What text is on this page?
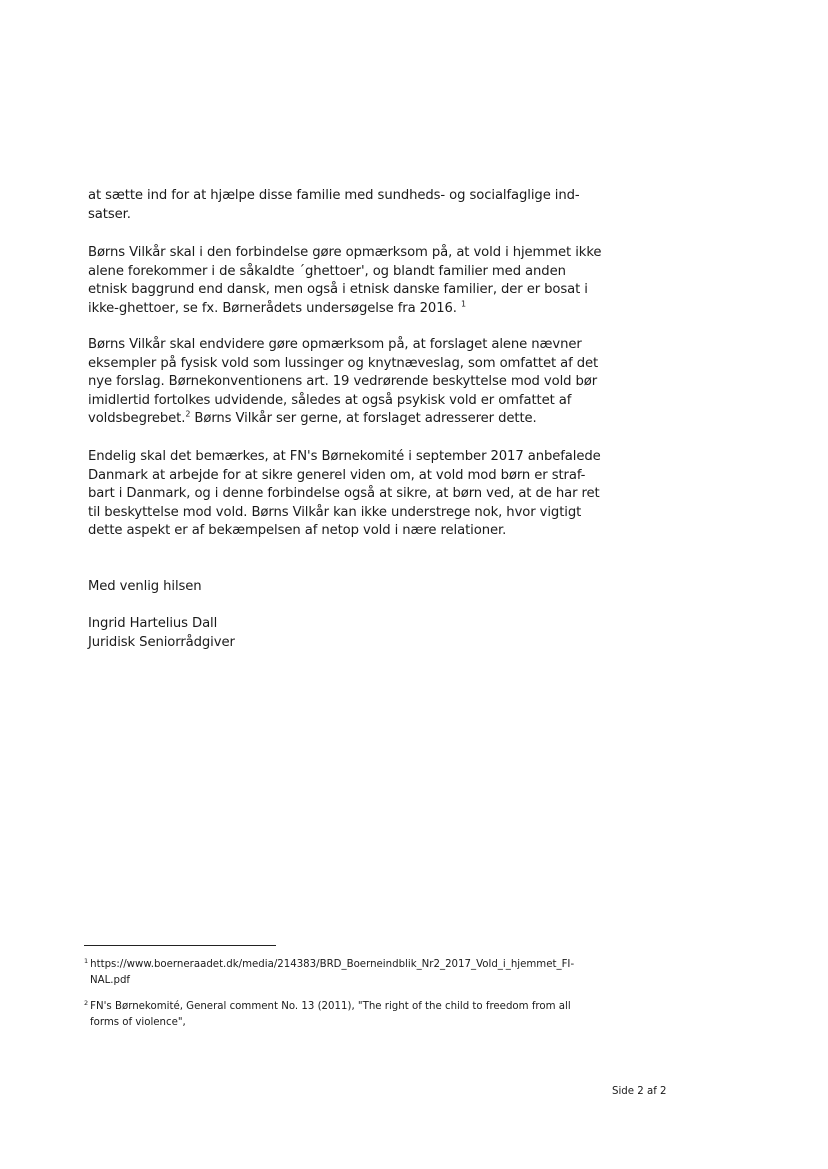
at sætte ind for at hjælpe disse familie med sundheds- og socialfaglige ind-satser.

Børns Vilkår skal i den forbindelse gøre opmærksom på, at vold i hjemmet ikke alene forekommer i de såkaldte ´ghettoer', og blandt familier med anden etnisk baggrund end dansk, men også i etnisk danske familier, der er bosat i ikke-ghettoer, se fx. Børnerådets undersøgelse fra 2016. $^1$

Børns Vilkår skal endvidere gøre opmærksom på, at forslaget alene nævner eksempler på fysisk vold som lussinger og knytnæveslag, som omfattet af det nye forslag. Børnekonventionens art. 19 vedrørende beskyttelse mod vold bør imidlertid fortolkes udvidende, således at også psykisk vold er omfattet af voldsbegrebet.$^2$ Børns Vilkår ser gerne, at forslaget adresserer dette.

Endelig skal det bemærkes, at FN's Børnekomité i september 2017 anbefalede Danmark at arbejde for at sikre generel viden om, at vold mod børn er straf-bart i Danmark, og i denne forbindelse også at sikre, at børn ved, at de har ret til beskyttelse mod vold. Børns Vilkår kan ikke understrege nok, hvor vigtigt dette aspekt er af bekæmpelsen af netop vold i nære relationer.

Med venlig hilsen

Ingrid Hartelius Dall

Juridisk Seniorrådgiver

$^1$ https://www.boerneraadet.dk/media/214383/BRD_Boerneindblik_Nr2_2017_Vold_i_hjemmet_FI-
NAL.pdf

$^2$ FN's Børnekomité, General comment No. 13 (2011), "The right of the child to freedom from all
forms of violence",

Side 2 af 2
